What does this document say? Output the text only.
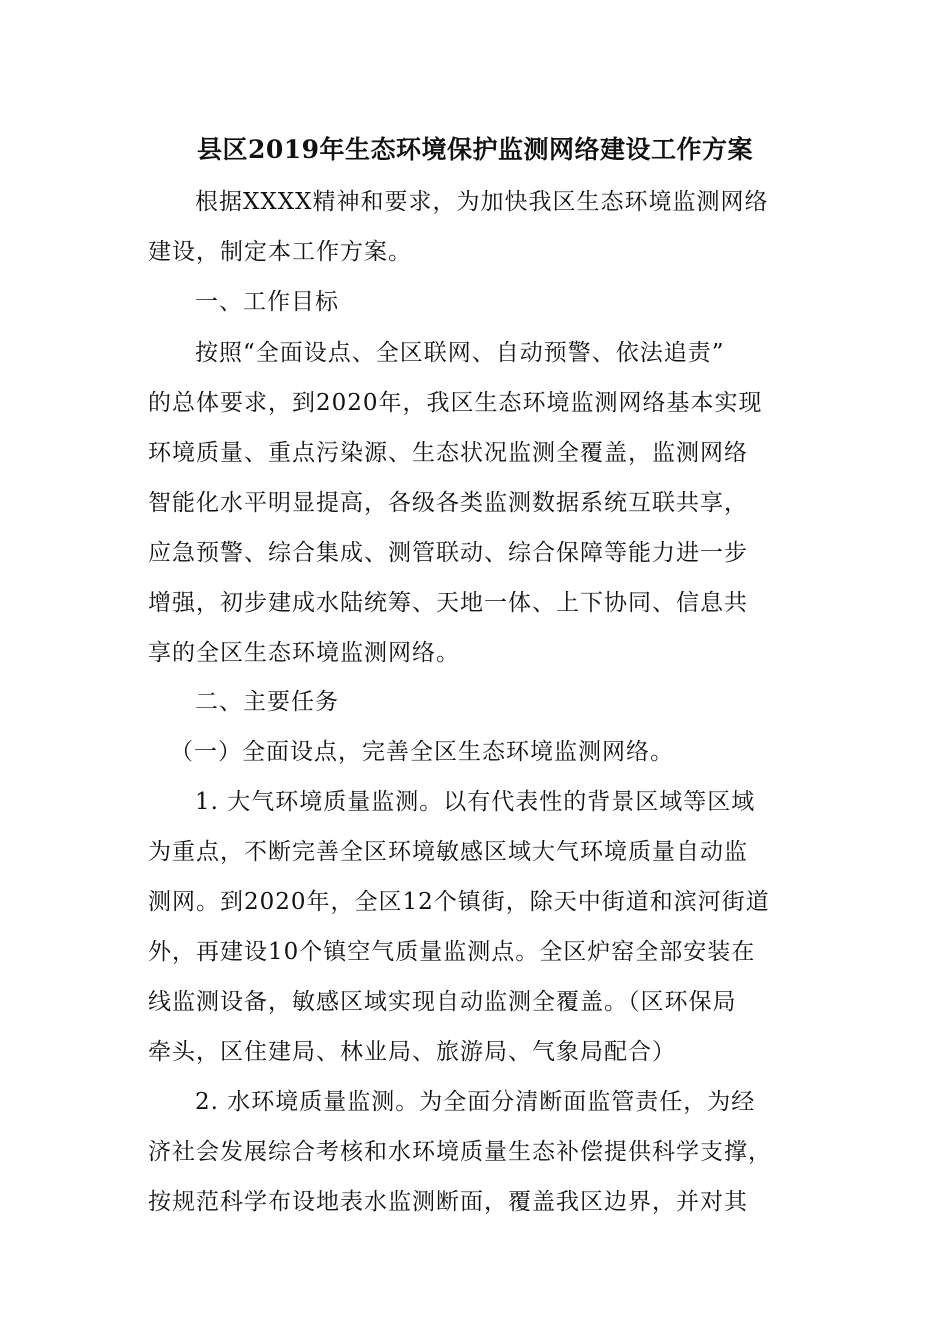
县区2019年生态环境保护监测网络建设工作方案
根据XXXX精神和要求，为加快我区生态环境监测网络
建设，制定本工作方案。
一、工作目标
按照“全面设点、全区联网、自动预警、依法追责”
的总体要求，到2020年，我区生态环境监测网络基本实现
环境质量、重点污染源、生态状况监测全覆盖，监测网络
智能化水平明显提高，各级各类监测数据系统互联共享，
应急预警、综合集成、测管联动、综合保障等能力进一步
增强，初步建成水陆统筹、天地一体、上下协同、信息共
享的全区生态环境监测网络。
二、主要任务
（一）全面设点，完善全区生态环境监测网络。
1. 大气环境质量监测。以有代表性的背景区域等区域
为重点，不断完善全区环境敏感区域大气环境质量自动监
测网。到2020年，全区12个镇街，除天中街道和滨河街道
外，再建设10个镇空气质量监测点。全区炉窑全部安装在
线监测设备，敏感区域实现自动监测全覆盖。（区环保局
牵头，区住建局、林业局、旅游局、气象局配合）
2. 水环境质量监测。为全面分清断面监管责任，为经
济社会发展综合考核和水环境质量生态补偿提供科学支撑，
按规范科学布设地表水监测断面，覆盖我区边界，并对其
